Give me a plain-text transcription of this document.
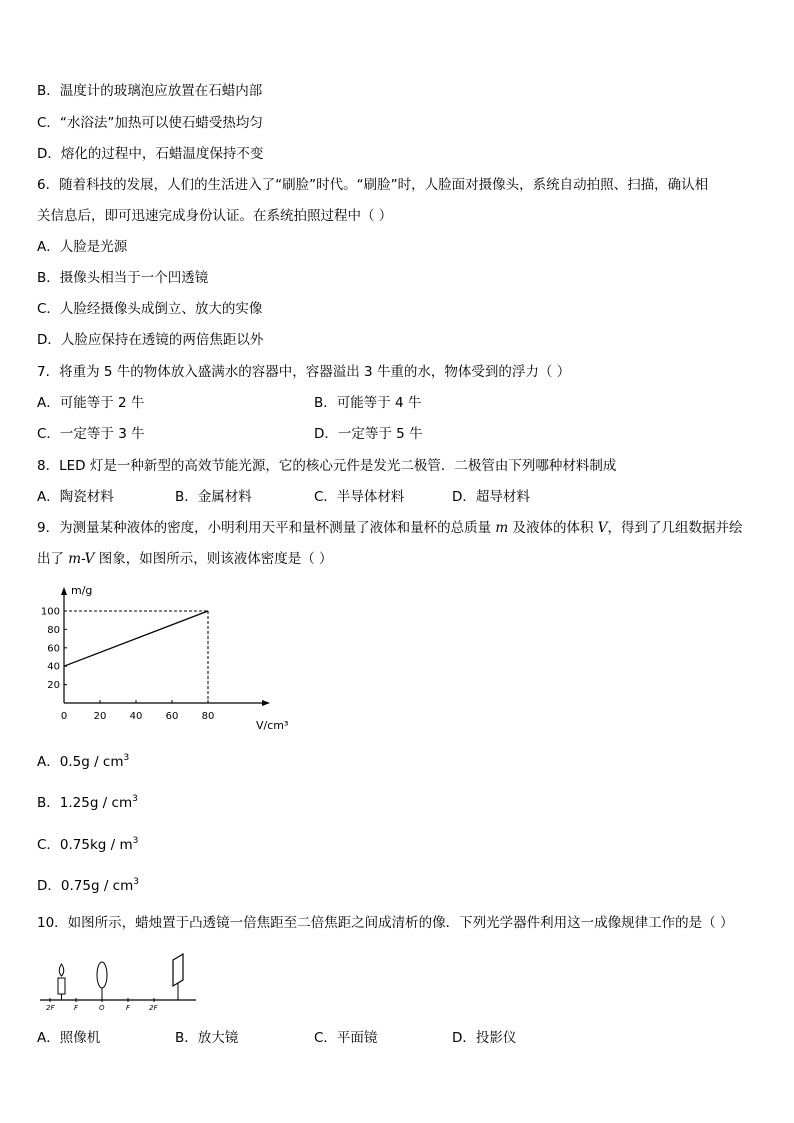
B．温度计的玻璃泡应放置在石蜡内部
C．“水浴法”加热可以使石蜡受热均匀
D．熔化的过程中，石蜡温度保持不变
6．随着科技的发展，人们的生活进入了“刷脸”时代。“刷脸”时，人脸面对摄像头，系统自动拍照、扫描，确认相
关信息后，即可迅速完成身份认证。在系统拍照过程中（ ）
A．人脸是光源
B．摄像头相当于一个凹透镜
C．人脸经摄像头成倒立、放大的实像
D．人脸应保持在透镜的两倍焦距以外
7．将重为 5 牛的物体放入盛满水的容器中，容器溢出 3 牛重的水，物体受到的浮力（ ）
A．可能等于 2 牛	B．可能等于 4 牛
C．一定等于 3 牛	D．一定等于 5 牛
8．LED 灯是一种新型的高效节能光源，它的核心元件是发光二极管．二极管由下列哪种材料制成
A．陶瓷材料	B．金属材料	C．半导体材料	D．超导材料
9．为测量某种液体的密度，小明利用天平和量杯测量了液体和量杯的总质量 m 及液体的体积 V，得到了几组数据并绘
出了 m-V 图象，如图所示，则该液体密度是（ ）
0	20 40 60 80
20
40
60
80
100
m/g
V/cm³
A．$0.5g / cm^3$
B．$1.25g / cm^3$
C．$0.75kg / m^3$
D．$0.75g / cm^3$
10．如图所示，蜡烛置于凸透镜一倍焦距至二倍焦距之间成清析的像．下列光学器件利用这一成像规律工作的是（ ）
2F	F	O	F	2F
A．照像机	B．放大镜	C．平面镜	D．投影仪
